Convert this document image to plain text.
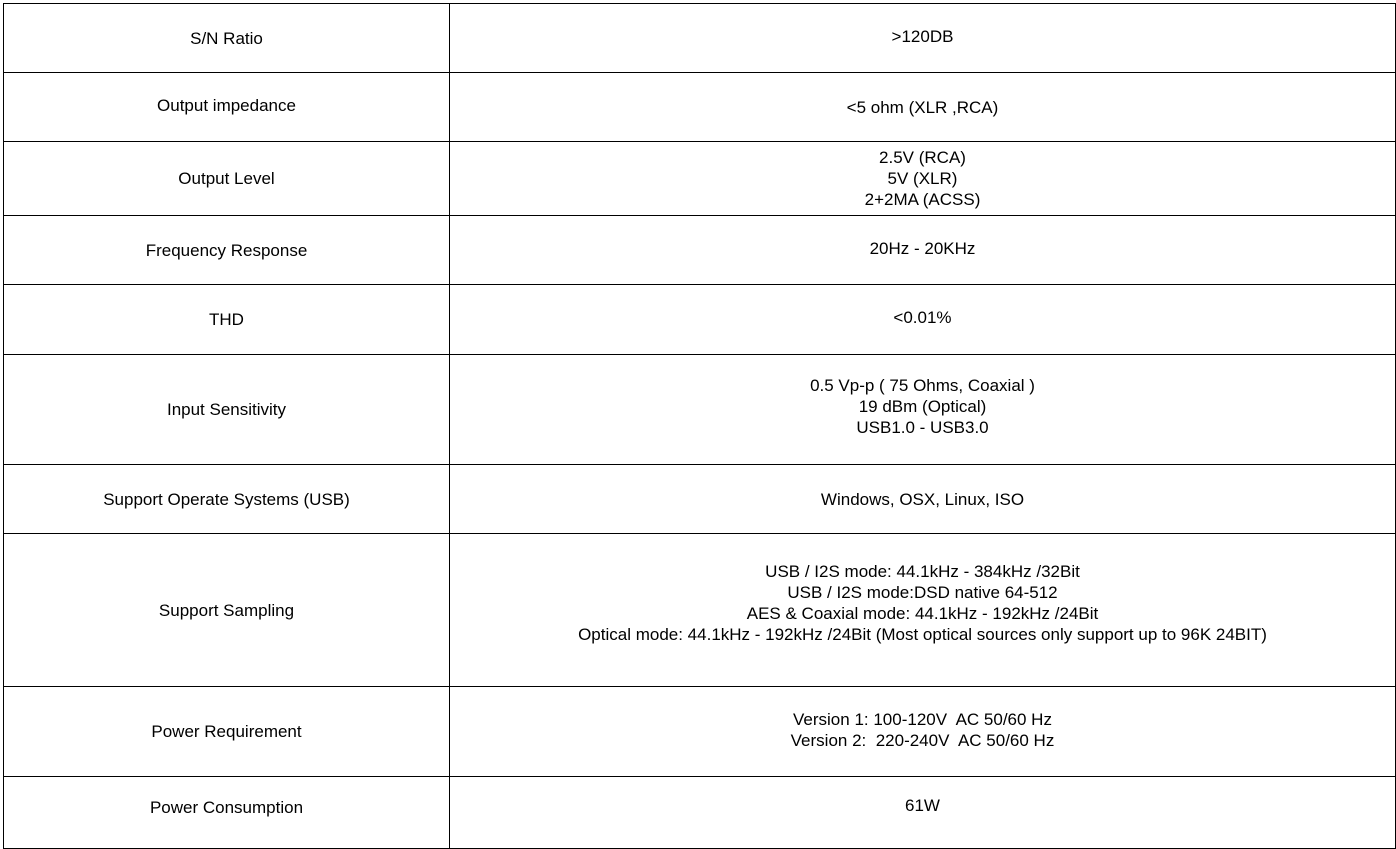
S/N Ratio	>120DB

Output impedance	<5 ohm (XLR ,RCA)

Output Level	2.5V (RCA)
5V (XLR)
2+2MA (ACSS)

Frequency Response	20Hz - 20KHz

THD	<0.01%

Input Sensitivity	0.5 Vp-p ( 75 Ohms, Coaxial )
19 dBm (Optical)
USB1.0 - USB3.0

Support Operate Systems (USB)	Windows, OSX, Linux, ISO

Support Sampling	USB / I2S mode: 44.1kHz - 384kHz /32Bit
USB / I2S mode:DSD native 64-512
AES & Coaxial mode: 44.1kHz - 192kHz /24Bit
Optical mode: 44.1kHz - 192kHz /24Bit (Most optical sources only support up to 96K 24BIT)

Power Requirement	Version 1: 100-120V  AC 50/60 Hz
Version 2:  220-240V  AC 50/60 Hz

Power Consumption	61W
